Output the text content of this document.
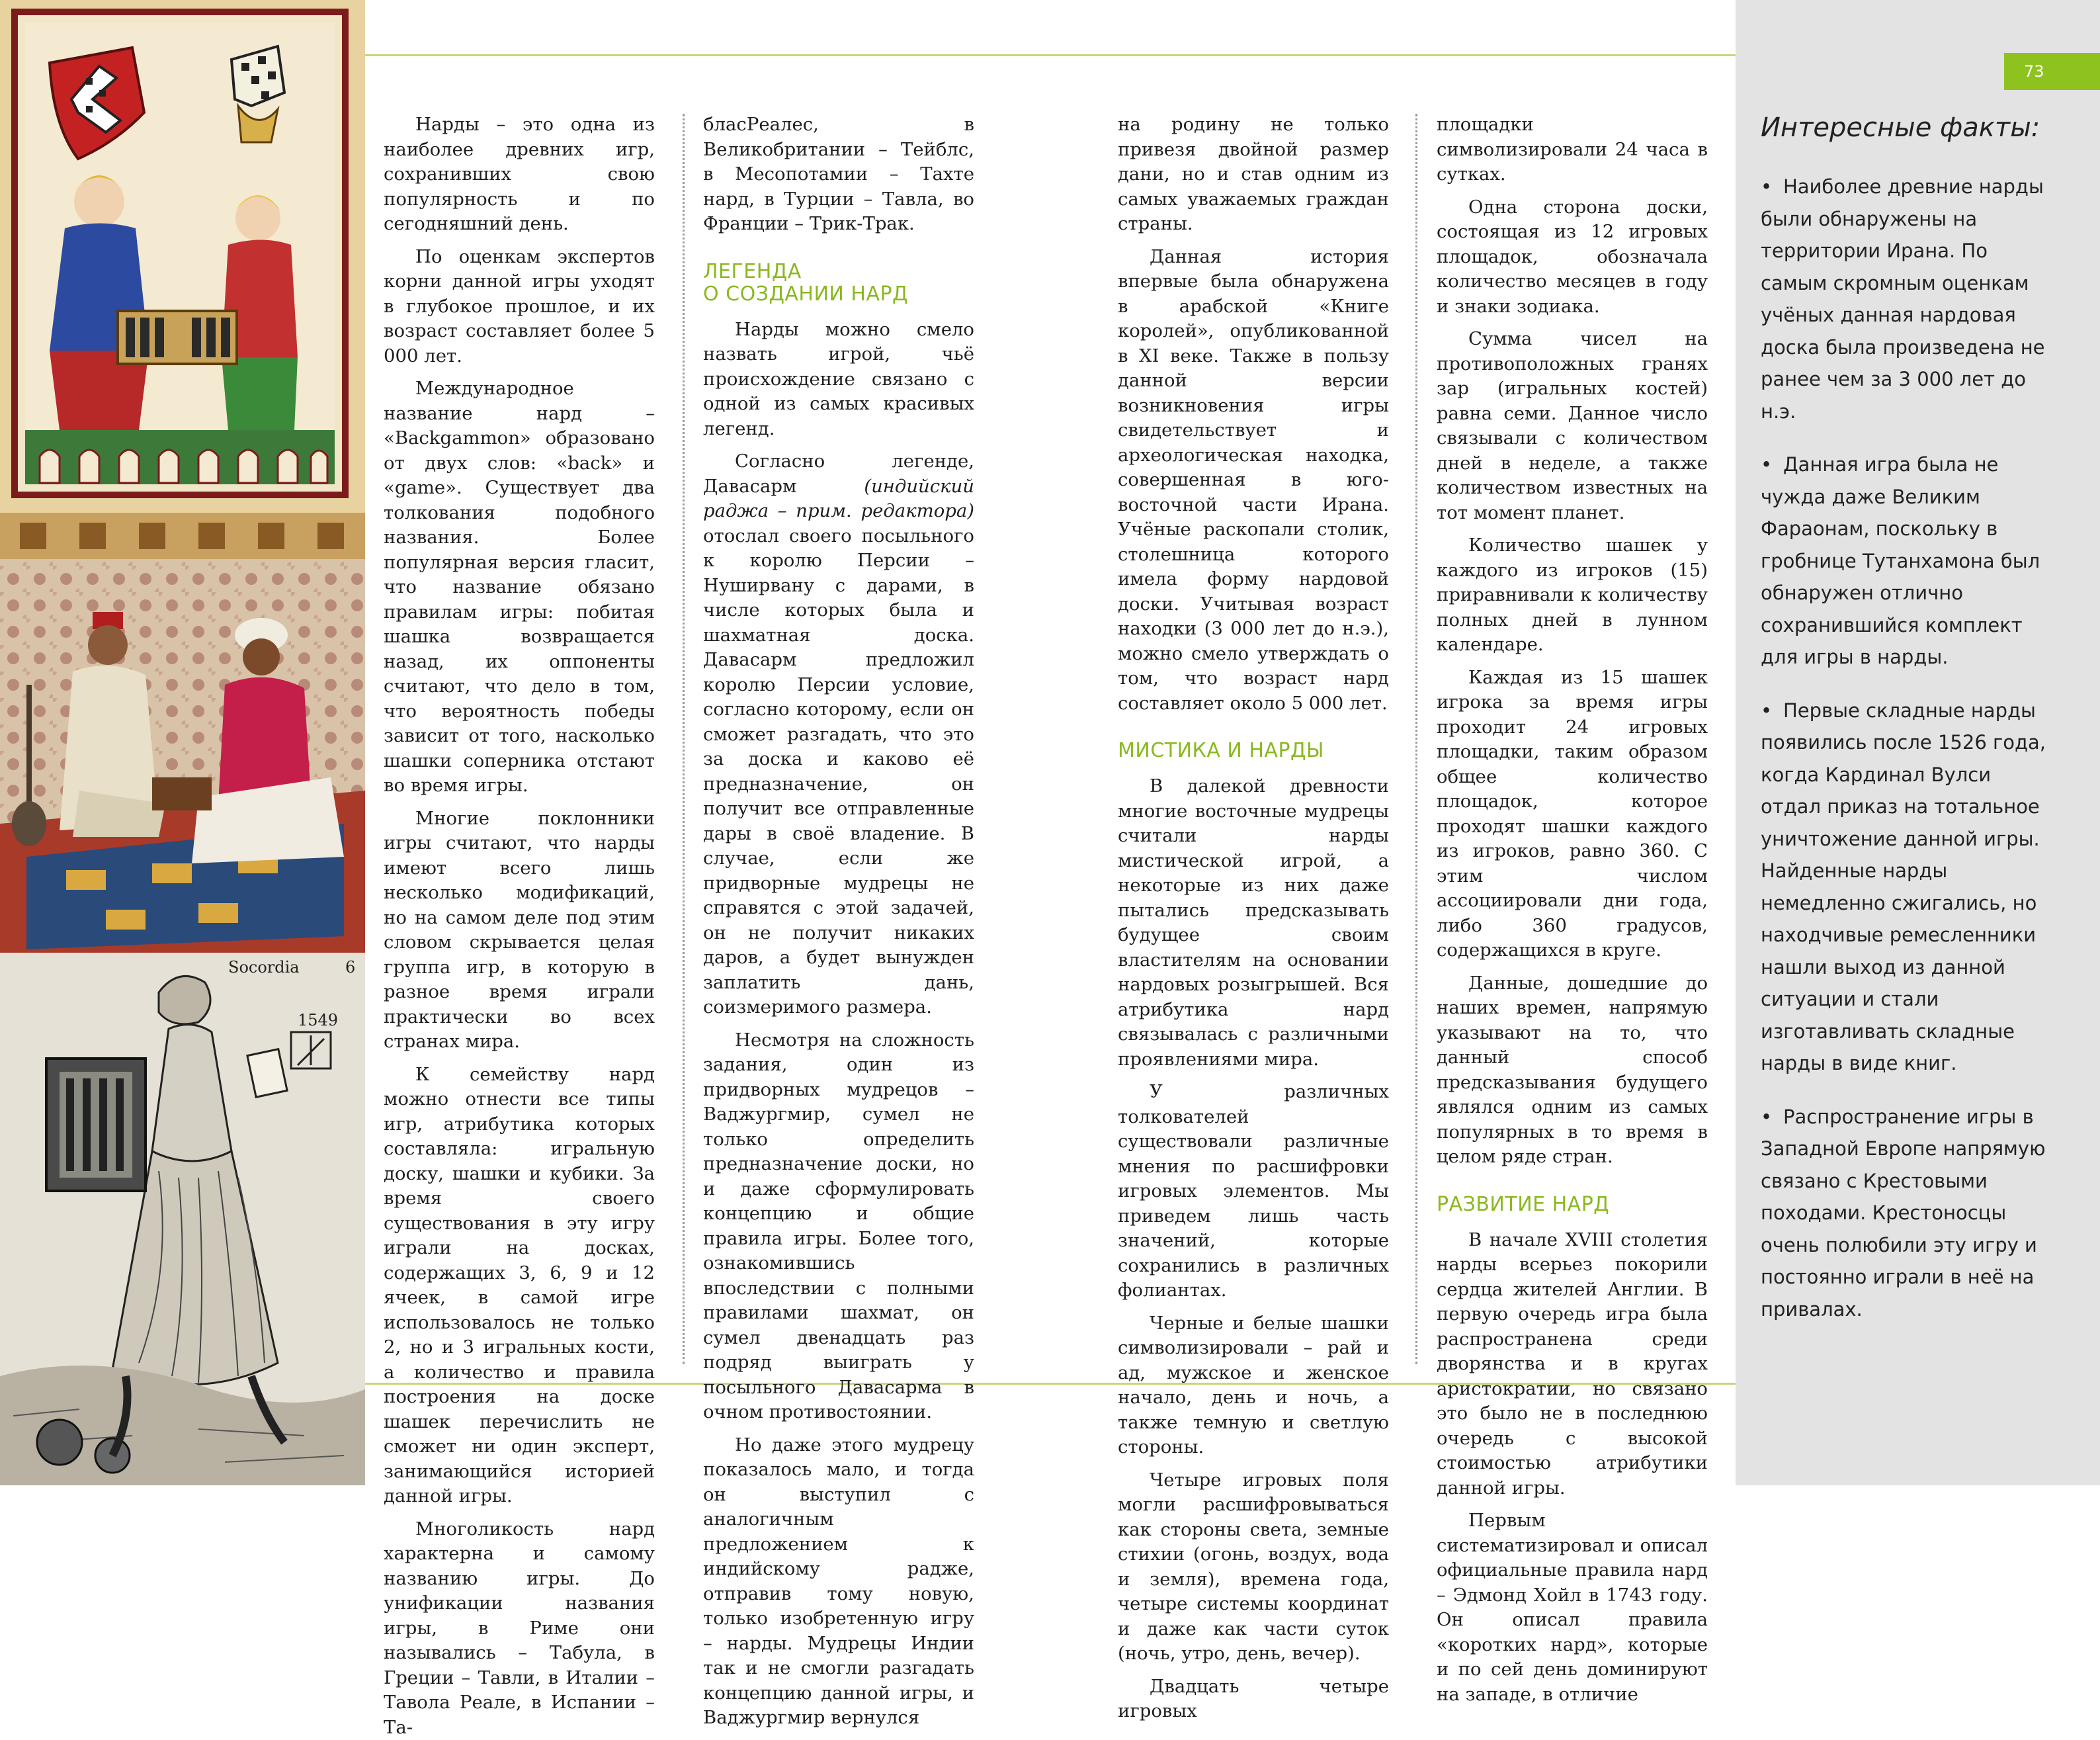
Socordia	6
1549

Нарды – это одна из наиболее древних игр, сохранивших свою популярность и по сегодняшний день.

По оценкам экспертов корни данной игры уходят в глубокое прошлое, и их возраст составляет более 5 000 лет.

Международное название нард – «Backgammon» образовано от двух слов: «back» и «game». Существует два толкования подобного названия. Более популярная версия гласит, что название обязано правилам игры: побитая шашка возвращается назад, их оппоненты считают, что дело в том, что вероятность победы зависит от того, насколько шашки соперника отстают во время игры.

Многие поклонники игры считают, что нарды имеют всего лишь несколько модификаций, но на самом деле под этим словом скрывается целая группа игр, в которую в разное время играли практически во всех странах мира.

К семейству нард можно отнести все типы игр, атрибутика которых составляла: игральную доску, шашки и кубики. За время своего существования в эту игру играли на досках, содержащих 3, 6, 9 и 12 ячеек, в самой игре использовалось не только 2, но и 3 игральных кости, а количество и правила построения на доске шашек перечислить не сможет ни один эксперт, занимающийся историей данной игры.

Многоликость нард характерна и самому названию игры. До унификации названия игры, в Риме они назывались – Табула, в Греции – Тавли, в Италии – Тавола Реале, в Испании – Та-

бласРеалес, в Великобритании – Тейблс, в Месопотамии – Тахте нард, в Турции – Тавла, во Франции – Трик-Трак.

ЛЕГЕНДА
О СОЗДАНИИ НАРД

Нарды можно смело назвать игрой, чьё происхождение связано с одной из самых красивых легенд.

Согласно легенде, Давасарм (индийский раджа – прим. редактора) отослал своего посыльного к королю Персии – Нуширвану с дарами, в числе которых была и шахматная доска. Давасарм предложил королю Персии условие, согласно которому, если он сможет разгадать, что это за доска и каково её предназначение, он получит все отправленные дары в своё владение. В случае, если же придворные мудрецы не справятся с этой задачей, он не получит никаких даров, а будет вынужден заплатить дань, соизмеримого размера.

Несмотря на сложность задания, один из придворных мудрецов – Ваджургмир, сумел не только определить предназначение доски, но и даже сформулировать концепцию и общие правила игры. Более того, ознакомившись впоследствии с полными правилами шахмат, он сумел двенадцать раз подряд выиграть у посыльного Давасарма в очном противостоянии.

Но даже этого мудрецу показалось мало, и тогда он выступил с аналогичным предложением к индийскому радже, отправив тому новую, только изобретенную игру – нарды. Мудрецы Индии так и не смогли разгадать концепцию данной игры, и Ваджургмир вернулся

на родину не только привезя двойной размер дани, но и став одним из самых уважаемых граждан страны.

Данная история впервые была обнаружена в арабской «Книге королей», опубликованной в XI веке. Также в пользу данной версии возникновения игры свидетельствует и археологическая находка, совершенная в юго-восточной части Ирана. Учёные раскопали столик, столешница которого имела форму нардовой доски. Учитывая возраст находки (3 000 лет до н.э.), можно смело утверждать о том, что возраст нард составляет около 5 000 лет.

МИСТИКА И НАРДЫ

В далекой древности многие восточные мудрецы считали нарды мистической игрой, а некоторые из них даже пытались предсказывать будущее своим властителям на основании нардовых розыгрышей. Вся атрибутика нард связывалась с различными проявлениями мира.

У различных толкователей существовали различные мнения по расшифровки игровых элементов. Мы приведем лишь часть значений, которые сохранились в различных фолиантах.

Черные и белые шашки символизировали – рай и ад, мужское и женское начало, день и ночь, а также темную и светлую стороны.

Четыре игровых поля могли расшифровываться как стороны света, земные стихии (огонь, воздух, вода и земля), времена года, четыре системы координат и даже как части суток (ночь, утро, день, вечер).

Двадцать четыре игровых

площадки символизировали 24 часа в сутках.

Одна сторона доски, состоящая из 12 игровых площадок, обозначала количество месяцев в году и знаки зодиака.

Сумма чисел на противоположных гранях зар (игральных костей) равна семи. Данное число связывали с количеством дней в неделе, а также количеством известных на тот момент планет.

Количество шашек у каждого из игроков (15) приравнивали к количеству полных дней в лунном календаре.

Каждая из 15 шашек игрока за время игры проходит 24 игровых площадки, таким образом общее количество площадок, которое проходят шашки каждого из игроков, равно 360. С этим числом ассоциировали дни года, либо 360 градусов, содержащихся в круге.

Данные, дошедшие до наших времен, напрямую указывают на то, что данный способ предсказывания будущего являлся одним из самых популярных в то время в целом ряде стран.

РАЗВИТИЕ НАРД

В начале XVIII столетия нарды всерьез покорили сердца жителей Англии. В первую очередь игра была распространена среди дворянства и в кругах аристократии, но связано это было не в последнюю очередь с высокой стоимостью атрибутики данной игры.

Первым систематизировал и описал официальные правила нард – Эдмонд Хойл в 1743 году. Он описал правила «коротких нард», которые и по сей день доминируют на западе, в отличие

73
Интересные факты:
• Наиболее древние нарды были обнаружены на территории Ирана. По самым скромным оценкам учёных данная нардовая доска была произведена не ранее чем за 3 000 лет до н.э.
• Данная игра была не чужда даже Великим Фараонам, поскольку в гробнице Тутанхамона был обнаружен отлично сохранившийся комплект для игры в нарды.
• Первые складные нарды появились после 1526 года, когда Кардинал Вулси отдал приказ на тотальное уничтожение данной игры. Найденные нарды немедленно сжигались, но находчивые ремесленники нашли выход из данной ситуации и стали изготавливать складные нарды в виде книг.
• Распространение игры в Западной Европе напрямую связано с Крестовыми походами. Крестоносцы очень полюбили эту игру и постоянно играли в неё на привалах.
